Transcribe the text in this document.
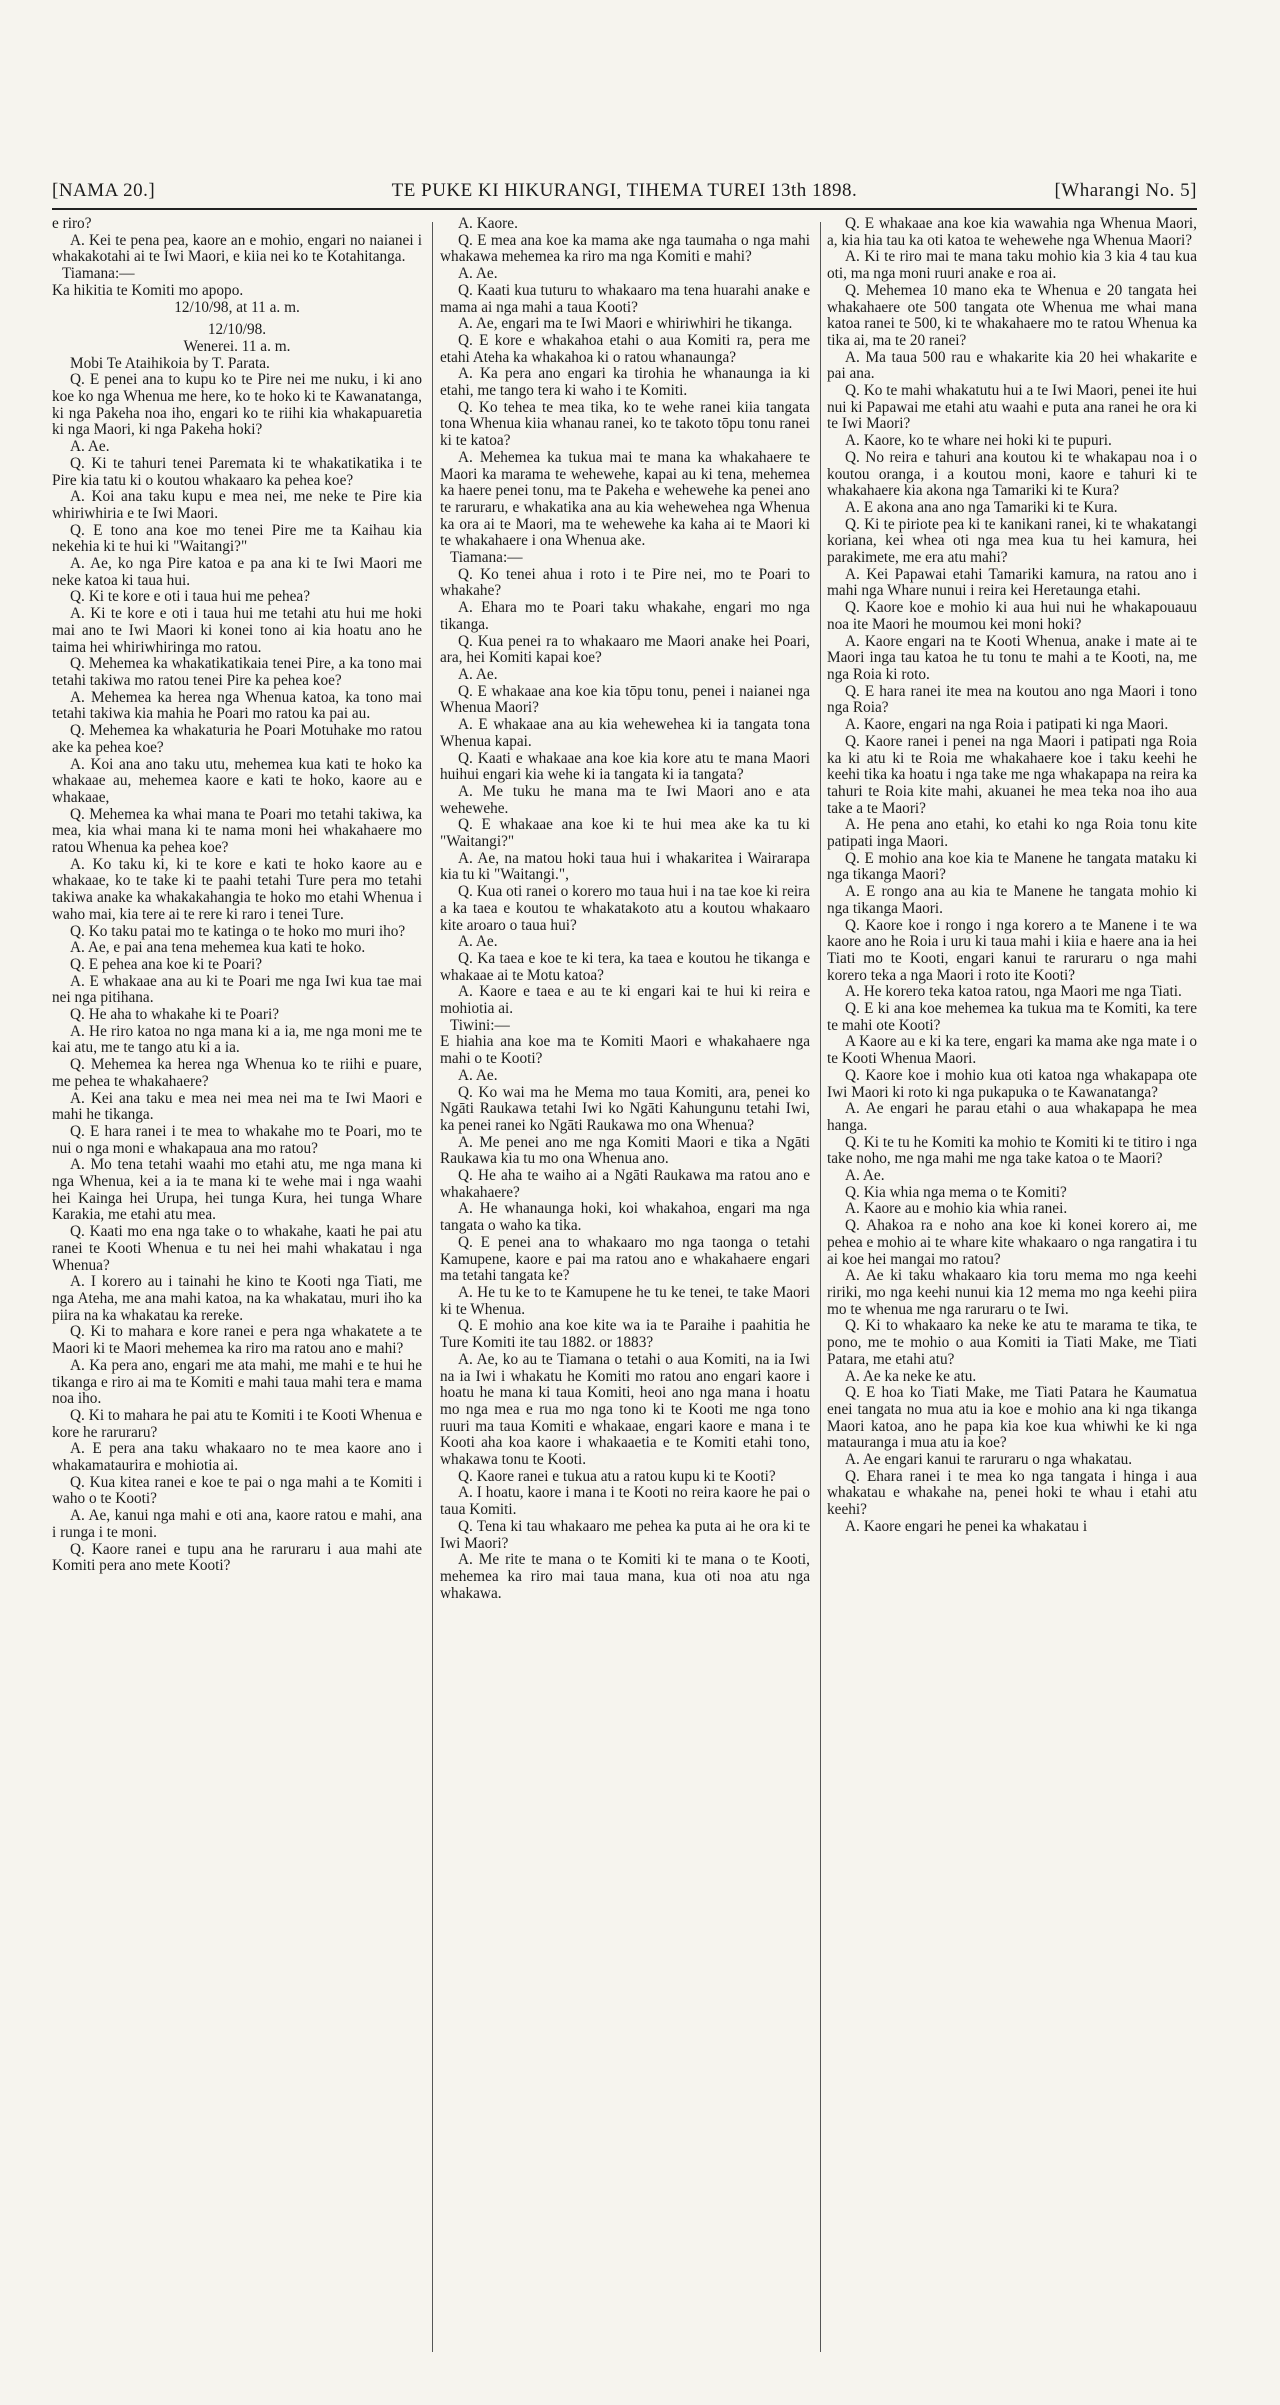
[NAMA 20.]	TE PUKE KI HIKURANGI, TIHEMA TUREI 13th 1898.	[Wharangi No. 5]

e riro?

A. Kei te pena pea, kaore an e mohio, engari no naianei i whakakotahi ai te Iwi Maori, e kiia nei ko te Kotahitanga.

Tiamana:—

Ka hikitia te Komiti mo apopo.

12/10/98, at 11 a. m.

12/10/98.

Wenerei. 11 a. m.

Mobi Te Ataihikoia by T. Parata.

Q. E penei ana to kupu ko te Pire nei me nuku, i ki ano koe ko nga Whenua me here, ko te hoko ki te Kawanatanga, ki nga Pakeha noa iho, engari ko te riihi kia whakapuaretia ki nga Maori, ki nga Pakeha hoki?

A. Ae.

Q. Ki te tahuri tenei Paremata ki te whakatikatika i te Pire kia tatu ki o koutou whakaaro ka pehea koe?

A. Koi ana taku kupu e mea nei, me neke te Pire kia whiriwhiria e te Iwi Maori.

Q. E tono ana koe mo tenei Pire me ta Kaihau kia nekehia ki te hui ki "Waitangi?"

A. Ae, ko nga Pire katoa e pa ana ki te Iwi Maori me neke katoa ki taua hui.

Q. Ki te kore e oti i taua hui me pehea?

A. Ki te kore e oti i taua hui me tetahi atu hui me hoki mai ano te Iwi Maori ki konei tono ai kia hoatu ano he taima hei whiriwhiringa mo ratou.

Q. Mehemea ka whakatikatikaia tenei Pire, a ka tono mai tetahi takiwa mo ratou tenei Pire ka pehea koe?

A. Mehemea ka herea nga Whenua katoa, ka tono mai tetahi takiwa kia mahia he Poari mo ratou ka pai au.

Q. Mehemea ka whakaturia he Poari Motuhake mo ratou ake ka pehea koe?

A. Koi ana ano taku utu, mehemea kua kati te hoko ka whakaae au, mehemea kaore e kati te hoko, kaore au e whakaae,

Q. Mehemea ka whai mana te Poari mo tetahi takiwa, ka mea, kia whai mana ki te nama moni hei whakahaere mo ratou Whenua ka pehea koe?

A. Ko taku ki, ki te kore e kati te hoko kaore au e whakaae, ko te take ki te paahi tetahi Ture pera mo tetahi takiwa anake ka whakakahangia te hoko mo etahi Whenua i waho mai, kia tere ai te rere ki raro i tenei Ture.

Q. Ko taku patai mo te katinga o te hoko mo muri iho?

A. Ae, e pai ana tena mehemea kua kati te hoko.

Q. E pehea ana koe ki te Poari?

A. E whakaae ana au ki te Poari me nga Iwi kua tae mai nei nga pitihana.

Q. He aha to whakahe ki te Poari?

A. He riro katoa no nga mana ki a ia, me nga moni me te kai atu, me te tango atu ki a ia.

Q. Mehemea ka herea nga Whenua ko te riihi e puare, me pehea te whakahaere?

A. Kei ana taku e mea nei mea nei ma te Iwi Maori e mahi he tikanga.

Q. E hara ranei i te mea to whakahe mo te Poari, mo te nui o nga moni e whakapaua ana mo ratou?

A. Mo tena tetahi waahi mo etahi atu, me nga mana ki nga Whenua, kei a ia te mana ki te wehe mai i nga waahi hei Kainga hei Urupa, hei tunga Kura, hei tunga Whare Karakia, me etahi atu mea.

Q. Kaati mo ena nga take o to whakahe, kaati he pai atu ranei te Kooti Whenua e tu nei hei mahi whakatau i nga Whenua?

A. I korero au i tainahi he kino te Kooti nga Tiati, me nga Ateha, me ana mahi katoa, na ka whakatau, muri iho ka piira na ka whakatau ka rereke.

Q. Ki to mahara e kore ranei e pera nga whakatete a te Maori ki te Maori mehemea ka riro ma ratou ano e mahi?

A. Ka pera ano, engari me ata mahi, me mahi e te hui he tikanga e riro ai ma te Komiti e mahi taua mahi tera e mama noa iho.

Q. Ki to mahara he pai atu te Komiti i te Kooti Whenua e kore he raruraru?

A. E pera ana taku whakaaro no te mea kaore ano i whakamataurira e mohiotia ai.

Q. Kua kitea ranei e koe te pai o nga mahi a te Komiti i waho o te Kooti?

A. Ae, kanui nga mahi e oti ana, kaore ratou e mahi, ana i runga i te moni.

Q. Kaore ranei e tupu ana he raruraru i aua mahi ate Komiti pera ano mete Kooti?

A. Kaore.

Q. E mea ana koe ka mama ake nga taumaha o nga mahi whakawa mehemea ka riro ma nga Komiti e mahi?

A. Ae.

Q. Kaati kua tuturu to whakaaro ma tena huarahi anake e mama ai nga mahi a taua Kooti?

A. Ae, engari ma te Iwi Maori e whiriwhiri he tikanga.

Q. E kore e whakahoa etahi o aua Komiti ra, pera me etahi Ateha ka whakahoa ki o ratou whanaunga?

A. Ka pera ano engari ka tirohia he whanaunga ia ki etahi, me tango tera ki waho i te Komiti.

Q. Ko tehea te mea tika, ko te wehe ranei kiia tangata tona Whenua kiia whanau ranei, ko te takoto tōpu tonu ranei ki te katoa?

A. Mehemea ka tukua mai te mana ka whakahaere te Maori ka marama te wehewehe, kapai au ki tena, mehemea ka haere penei tonu, ma te Pakeha e wehewehe ka penei ano te raruraru, e whakatika ana au kia wehewehea nga Whenua ka ora ai te Maori, ma te wehewehe ka kaha ai te Maori ki te whakahaere i ona Whenua ake.

Tiamana:—

Q. Ko tenei ahua i roto i te Pire nei, mo te Poari to whakahe?

A. Ehara mo te Poari taku whakahe, engari mo nga tikanga.

Q. Kua penei ra to whakaaro me Maori anake hei Poari, ara, hei Komiti kapai koe?

A. Ae.

Q. E whakaae ana koe kia tōpu tonu, penei i naianei nga Whenua Maori?

A. E whakaae ana au kia wehewehea ki ia tangata tona Whenua kapai.

Q. Kaati e whakaae ana koe kia kore atu te mana Maori huihui engari kia wehe ki ia tangata ki ia tangata?

A. Me tuku he mana ma te Iwi Maori ano e ata wehewehe.

Q. E whakaae ana koe ki te hui mea ake ka tu ki "Waitangi?"

A. Ae, na matou hoki taua hui i whakaritea i Wairarapa kia tu ki "Waitangi.",

Q. Kua oti ranei o korero mo taua hui i na tae koe ki reira a ka taea e koutou te whakatakoto atu a koutou whakaaro kite aroaro o taua hui?

A. Ae.

Q. Ka taea e koe te ki tera, ka taea e koutou he tikanga e whakaae ai te Motu katoa?

A. Kaore e taea e au te ki engari kai te hui ki reira e mohiotia ai.

Tiwini:—

E hiahia ana koe ma te Komiti Maori e whakahaere nga mahi o te Kooti?

A. Ae.

Q. Ko wai ma he Mema mo taua Komiti, ara, penei ko Ngāti Raukawa tetahi Iwi ko Ngāti Kahungunu tetahi Iwi, ka penei ranei ko Ngāti Raukawa mo ona Whenua?

A. Me penei ano me nga Komiti Maori e tika a Ngāti Raukawa kia tu mo ona Whenua ano.

Q. He aha te waiho ai a Ngāti Raukawa ma ratou ano e whakahaere?

A. He whanaunga hoki, koi whakahoa, engari ma nga tangata o waho ka tika.

Q. E penei ana to whakaaro mo nga taonga o tetahi Kamupene, kaore e pai ma ratou ano e whakahaere engari ma tetahi tangata ke?

A. He tu ke to te Kamupene he tu ke tenei, te take Maori ki te Whenua.

Q. E mohio ana koe kite wa ia te Paraihe i paahitia he Ture Komiti ite tau 1882. or 1883?

A. Ae, ko au te Tiamana o tetahi o aua Komiti, na ia Iwi na ia Iwi i whakatu he Komiti mo ratou ano engari kaore i hoatu he mana ki taua Komiti, heoi ano nga mana i hoatu mo nga mea e rua mo nga tono ki te Kooti me nga tono ruuri ma taua Komiti e whakaae, engari kaore e mana i te Kooti aha koa kaore i whakaaetia e te Komiti etahi tono, whakawa tonu te Kooti.

Q. Kaore ranei e tukua atu a ratou kupu ki te Kooti?

A. I hoatu, kaore i mana i te Kooti no reira kaore he pai o taua Komiti.

Q. Tena ki tau whakaaro me pehea ka puta ai he ora ki te Iwi Maori?

A. Me rite te mana o te Komiti ki te mana o te Kooti, mehemea ka riro mai taua mana, kua oti noa atu nga whakawa.

Q. E whakaae ana koe kia wawahia nga Whenua Maori, a, kia hia tau ka oti katoa te wehewehe nga Whenua Maori?

A. Ki te riro mai te mana taku mohio kia 3 kia 4 tau kua oti, ma nga moni ruuri anake e roa ai.

Q. Mehemea 10 mano eka te Whenua e 20 tangata hei whakahaere ote 500 tangata ote Whenua me whai mana katoa ranei te 500, ki te whakahaere mo te ratou Whenua ka tika ai, ma te 20 ranei?

A. Ma taua 500 rau e whakarite kia 20 hei whakarite e pai ana.

Q. Ko te mahi whakatutu hui a te Iwi Maori, penei ite hui nui ki Papawai me etahi atu waahi e puta ana ranei he ora ki te Iwi Maori?

A. Kaore, ko te whare nei hoki ki te pupuri.

Q. No reira e tahuri ana koutou ki te whakapau noa i o koutou oranga, i a koutou moni, kaore e tahuri ki te whakahaere kia akona nga Tamariki ki te Kura?

A. E akona ana ano nga Tamariki ki te Kura.

Q. Ki te piriote pea ki te kanikani ranei, ki te whakatangi koriana, kei whea oti nga mea kua tu hei kamura, hei parakimete, me era atu mahi?

A. Kei Papawai etahi Tamariki kamura, na ratou ano i mahi nga Whare nunui i reira kei Heretaunga etahi.

Q. Kaore koe e mohio ki aua hui nui he whakapouauu noa ite Maori he moumou kei moni hoki?

A. Kaore engari na te Kooti Whenua, anake i mate ai te Maori inga tau katoa he tu tonu te mahi a te Kooti, na, me nga Roia ki roto.

Q. E hara ranei ite mea na koutou ano nga Maori i tono nga Roia?

A. Kaore, engari na nga Roia i patipati ki nga Maori.

Q. Kaore ranei i penei na nga Maori i patipati nga Roia ka ki atu ki te Roia me whakahaere koe i taku keehi he keehi tika ka hoatu i nga take me nga whakapapa na reira ka tahuri te Roia kite mahi, akuanei he mea teka noa iho aua take a te Maori?

A. He pena ano etahi, ko etahi ko nga Roia tonu kite patipati inga Maori.

Q. E mohio ana koe kia te Manene he tangata mataku ki nga tikanga Maori?

A. E rongo ana au kia te Manene he tangata mohio ki nga tikanga Maori.

Q. Kaore koe i rongo i nga korero a te Manene i te wa kaore ano he Roia i uru ki taua mahi i kiia e haere ana ia hei Tiati mo te Kooti, engari kanui te raruraru o nga mahi korero teka a nga Maori i roto ite Kooti?

A. He korero teka katoa ratou, nga Maori me nga Tiati.

Q. E ki ana koe mehemea ka tukua ma te Komiti, ka tere te mahi ote Kooti?

A Kaore au e ki ka tere, engari ka mama ake nga mate i o te Kooti Whenua Maori.

Q. Kaore koe i mohio kua oti katoa nga whakapapa ote Iwi Maori ki roto ki nga pukapuka o te Kawanatanga?

A. Ae engari he parau etahi o aua whakapapa he mea hanga.

Q. Ki te tu he Komiti ka mohio te Komiti ki te titiro i nga take noho, me nga mahi me nga take katoa o te Maori?

A. Ae.

Q. Kia whia nga mema o te Komiti?

A. Kaore au e mohio kia whia ranei.

Q. Ahakoa ra e noho ana koe ki konei korero ai, me pehea e mohio ai te whare kite whakaaro o nga rangatira i tu ai koe hei mangai mo ratou?

A. Ae ki taku whakaaro kia toru mema mo nga keehi ririki, mo nga keehi nunui kia 12 mema mo nga keehi piira mo te whenua me nga raruraru o te Iwi.

Q. Ki to whakaaro ka neke ke atu te marama te tika, te pono, me te mohio o aua Komiti ia Tiati Make, me Tiati Patara, me etahi atu?

A. Ae ka neke ke atu.

Q. E hoa ko Tiati Make, me Tiati Patara he Kaumatua enei tangata no mua atu ia koe e mohio ana ki nga tikanga Maori katoa, ano he papa kia koe kua whiwhi ke ki nga mataurangа i mua atu ia koe?

A. Ae engari kanui te raruraru o nga whakatau.

Q. Ehara ranei i te mea ko nga tangata i hinga i aua whakatau e whakahe na, penei hoki te whau i etahi atu keehi?

A. Kaore engari he penei ka whakatau i
